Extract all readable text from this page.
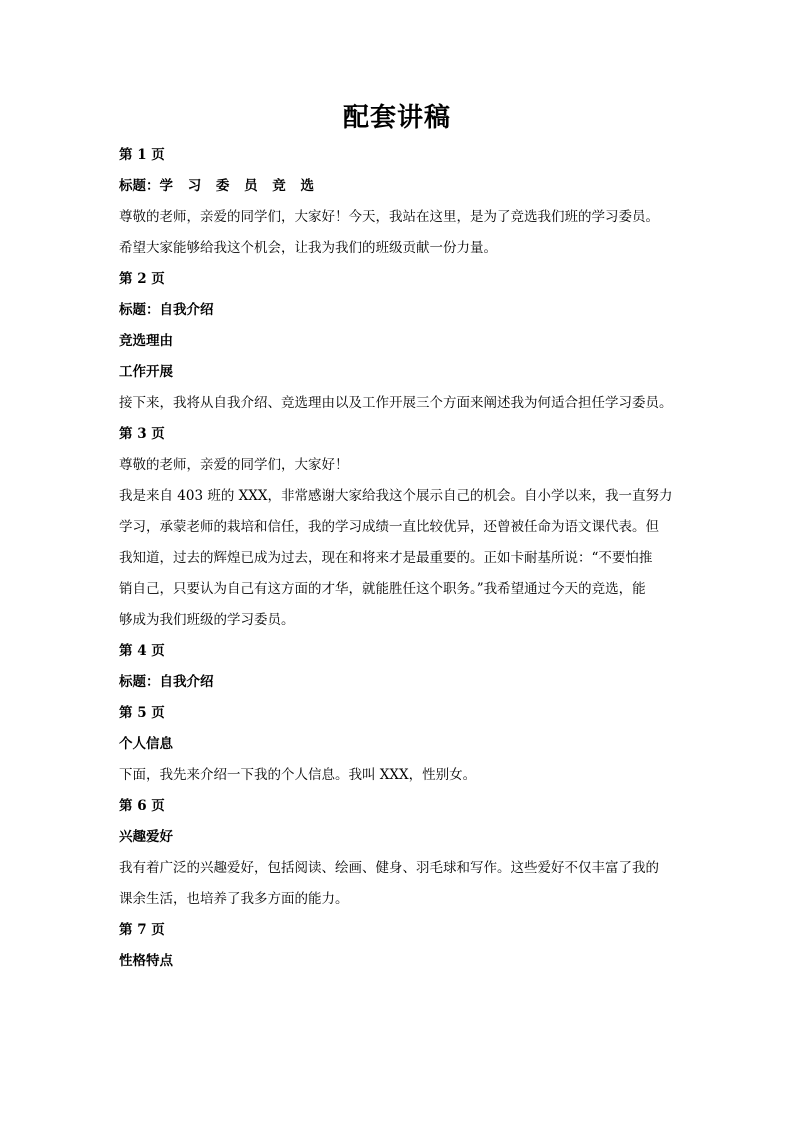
配套讲稿
第 1 页
标题：学 习 委 员 竞 选
尊敬的老师，亲爱的同学们，大家好！今天，我站在这里，是为了竞选我们班的学习委员。
希望大家能够给我这个机会，让我为我们的班级贡献一份力量。
第 2 页
标题：自我介绍
竞选理由
工作开展
接下来，我将从自我介绍、竞选理由以及工作开展三个方面来阐述我为何适合担任学习委员。
第 3 页
尊敬的老师，亲爱的同学们，大家好！
我是来自 403 班的 XXX，非常感谢大家给我这个展示自己的机会。自小学以来，我一直努力
学习，承蒙老师的栽培和信任，我的学习成绩一直比较优异，还曾被任命为语文课代表。但
我知道，过去的辉煌已成为过去，现在和将来才是最重要的。正如卡耐基所说：“不要怕推
销自己，只要认为自己有这方面的才华，就能胜任这个职务。”我希望通过今天的竞选，能
够成为我们班级的学习委员。
第 4 页
标题：自我介绍
第 5 页
个人信息
下面，我先来介绍一下我的个人信息。我叫 XXX，性别女。
第 6 页
兴趣爱好
我有着广泛的兴趣爱好，包括阅读、绘画、健身、羽毛球和写作。这些爱好不仅丰富了我的
课余生活，也培养了我多方面的能力。
第 7 页
性格特点
